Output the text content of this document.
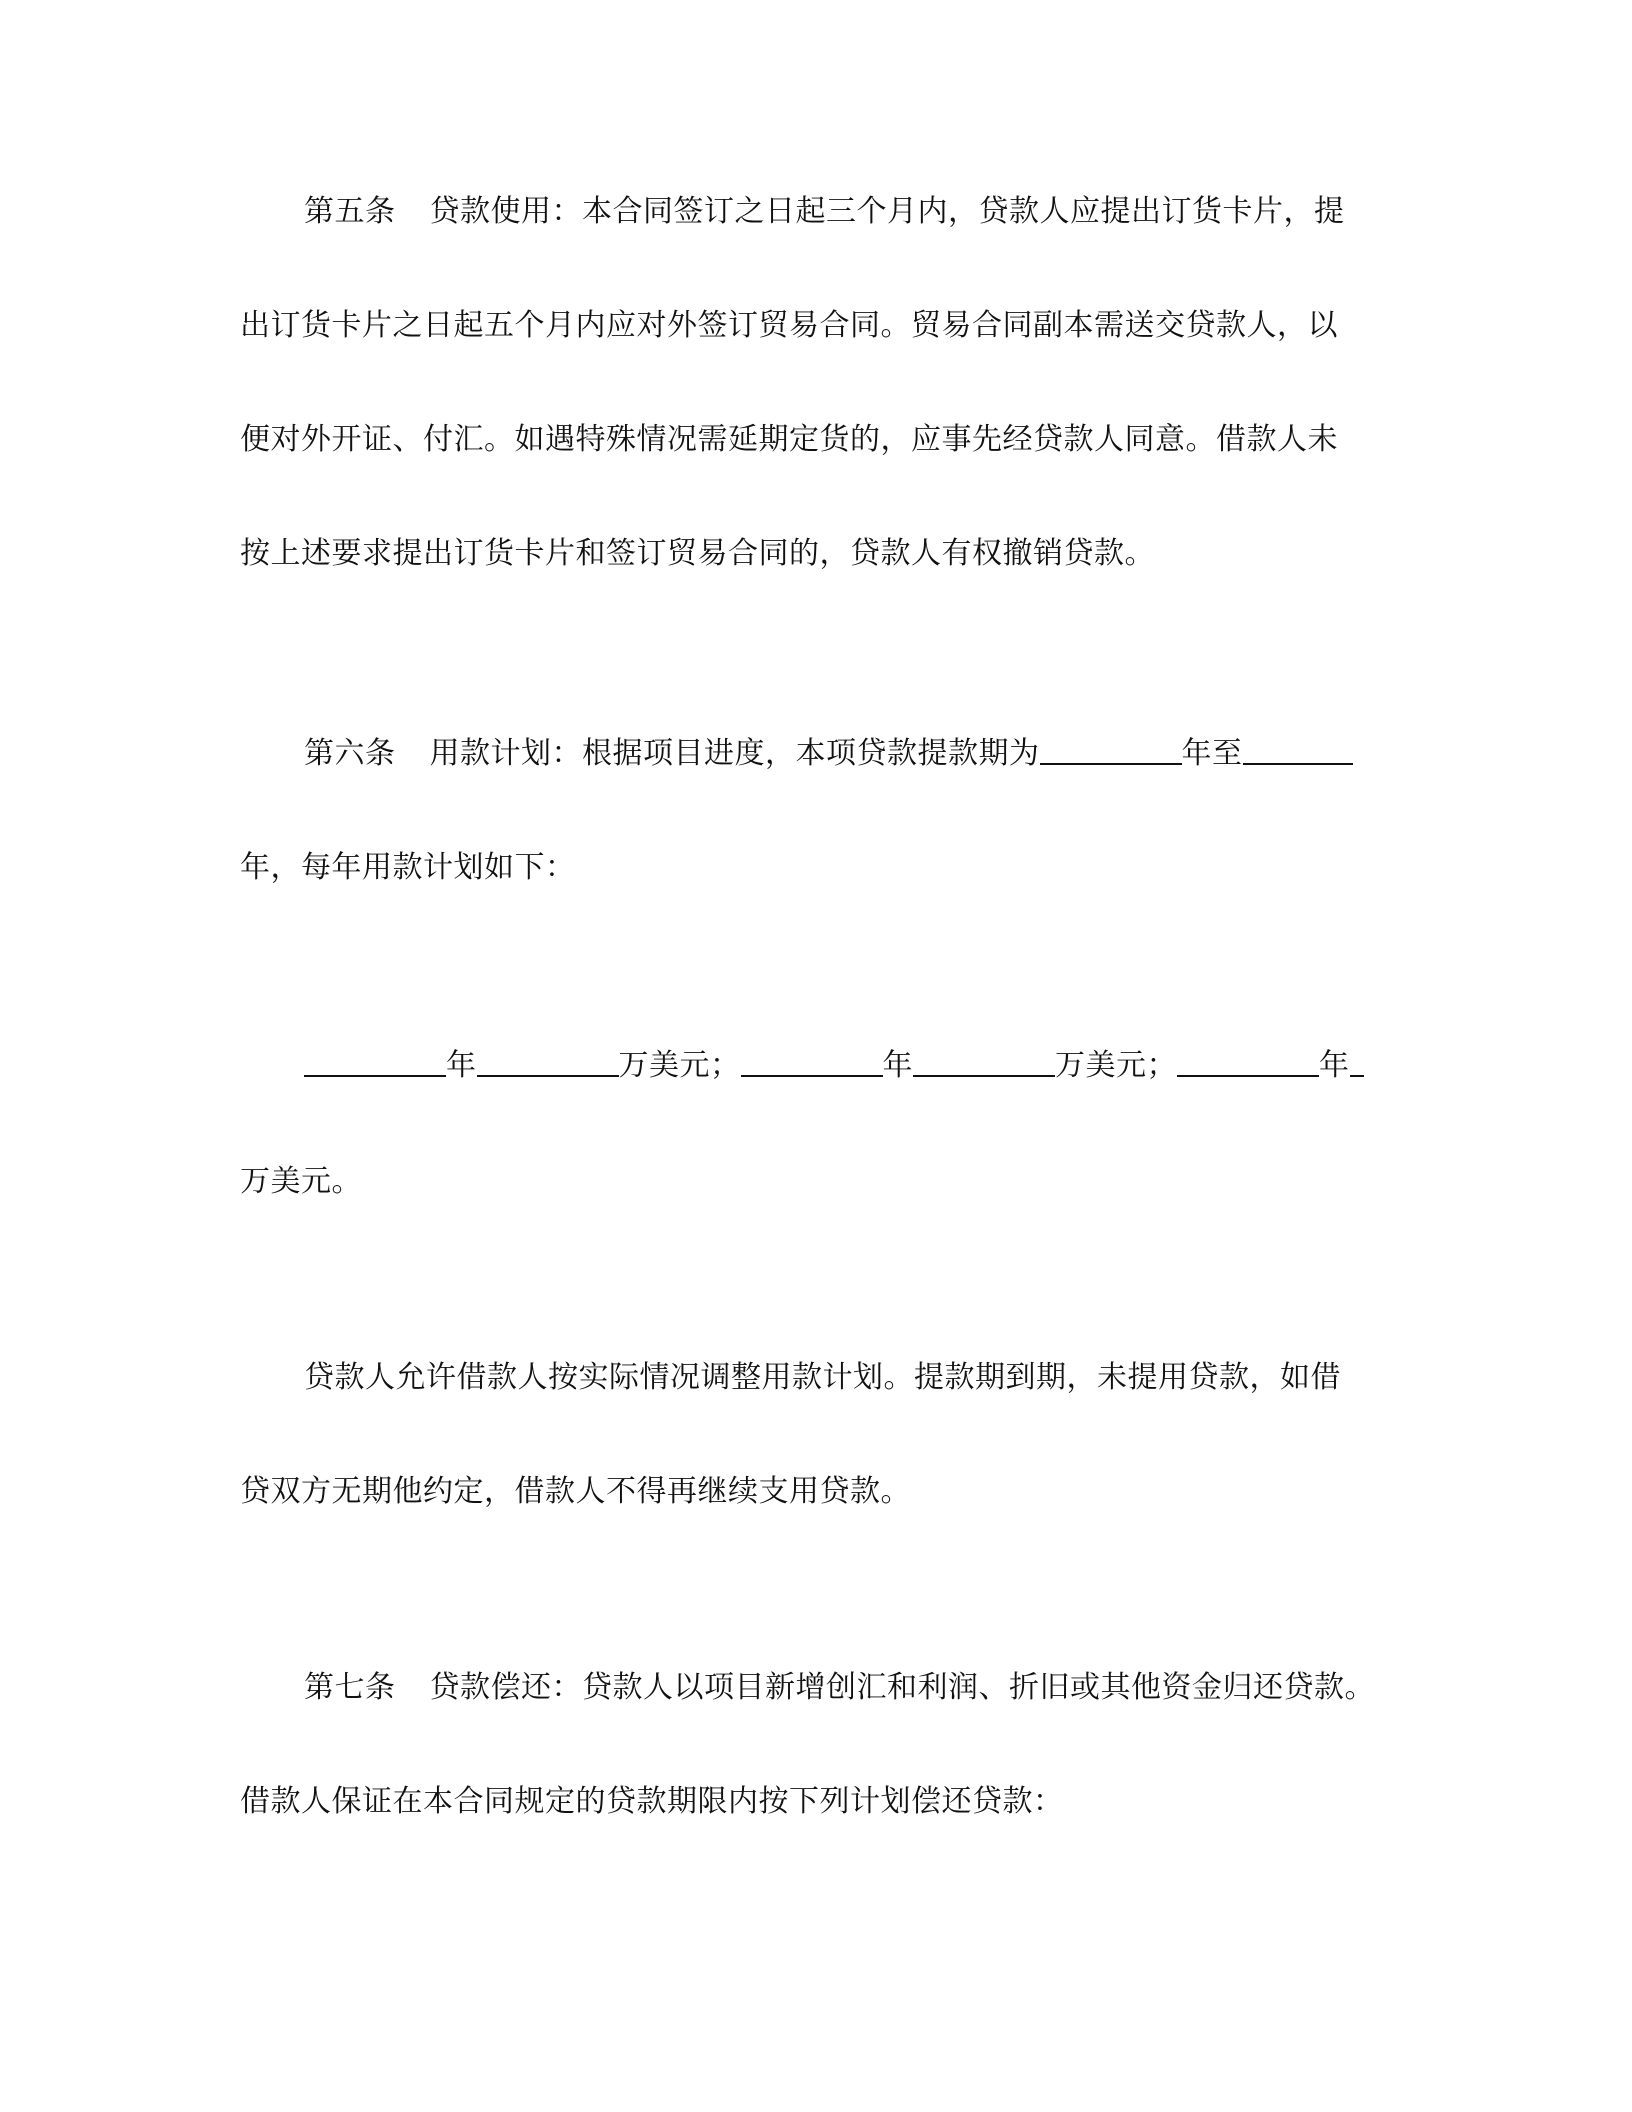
第五条 贷款使用：本合同签订之日起三个月内，贷款人应提出订货卡片，提
出订货卡片之日起五个月内应对外签订贸易合同。贸易合同副本需送交贷款人，以
便对外开证、付汇。如遇特殊情况需延期定货的，应事先经贷款人同意。借款人未
按上述要求提出订货卡片和签订贸易合同的，贷款人有权撤销贷款。
第六条 用款计划：根据项目进度，本项贷款提款期为	年至
年，每年用款计划如下：
年	万美元；	年	万美元；	年
万美元。
贷款人允许借款人按实际情况调整用款计划。提款期到期，未提用贷款，如借
贷双方无期他约定，借款人不得再继续支用贷款。
第七条 贷款偿还：贷款人以项目新增创汇和利润、折旧或其他资金归还贷款。
借款人保证在本合同规定的贷款期限内按下列计划偿还贷款：
